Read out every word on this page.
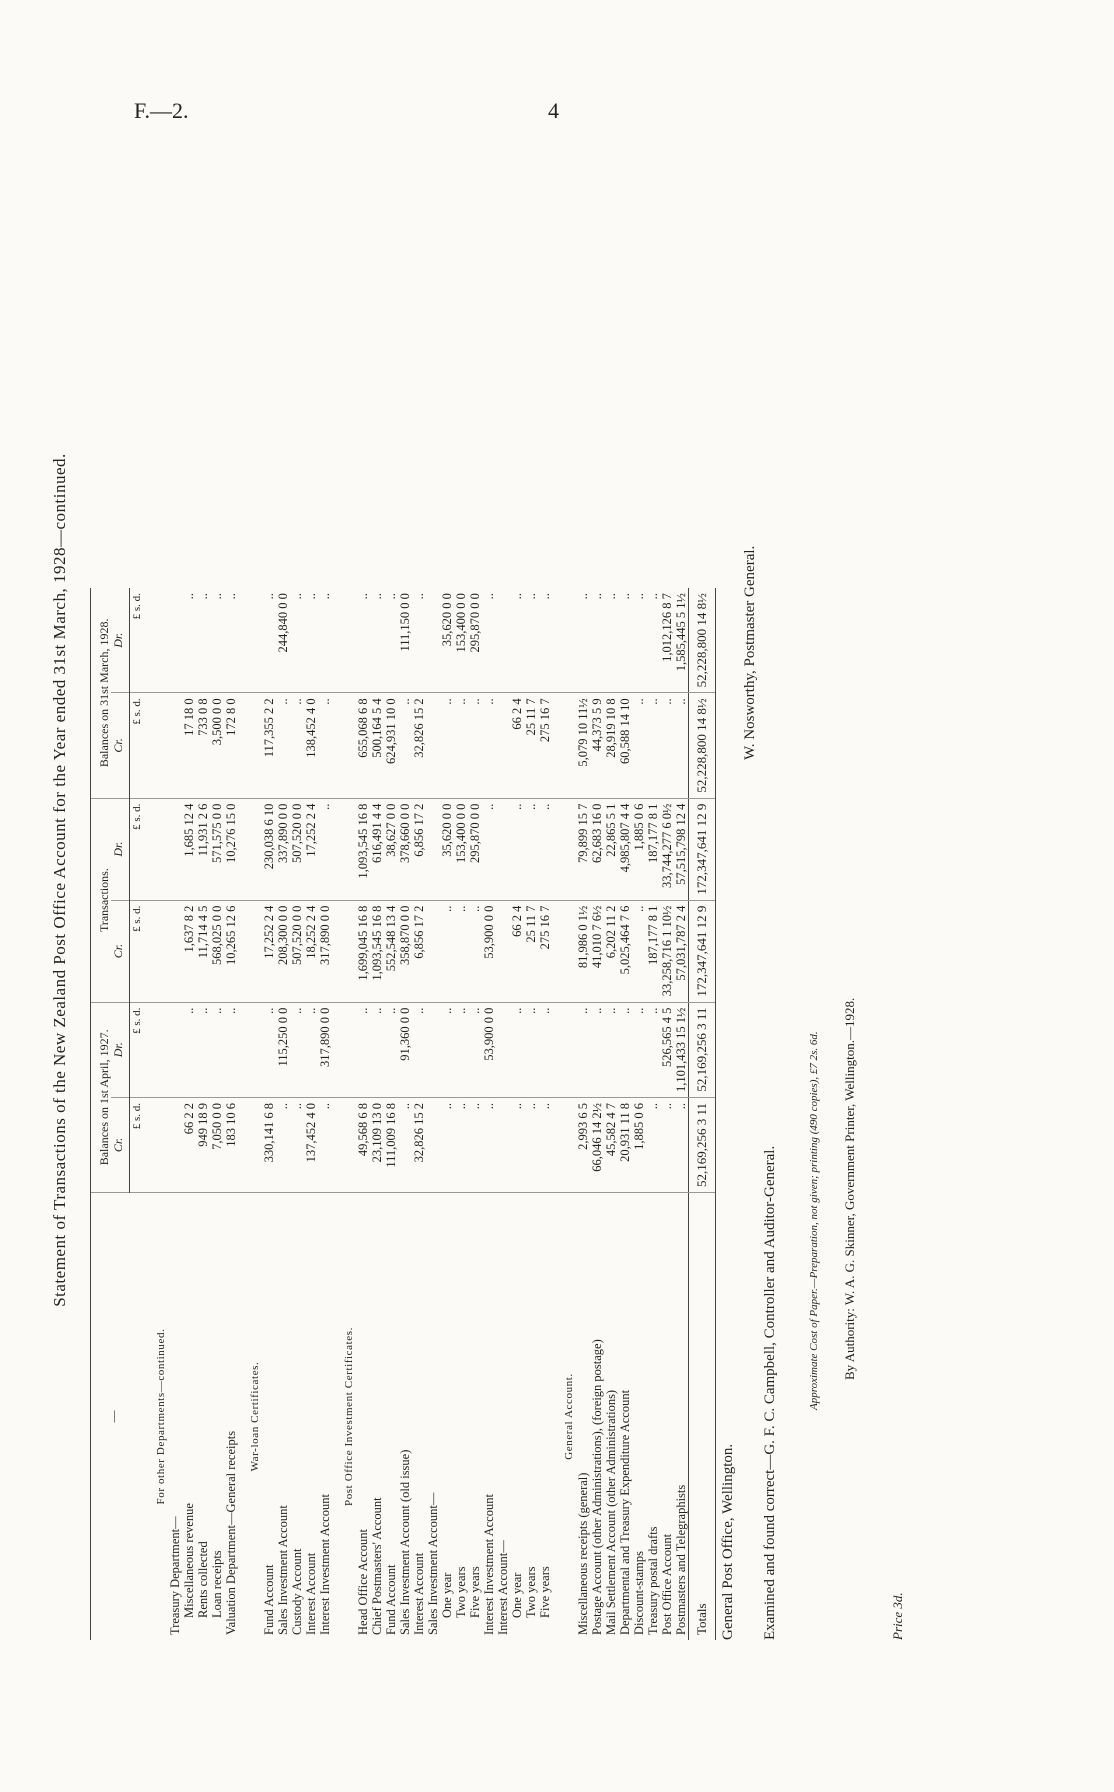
F.—2.	4
Statement of Transactions of the New Zealand Post Office Account for the Year ended 31st March, 1928—continued.
—	Balances on 1st April, 1927.		Transactions.		Balances on 31st March, 1928.	
	Cr.	Dr.	Cr.	Dr.	Cr.	Dr.
	£ s. d.	£ s. d.	£ s. d.	£ s. d.	£ s. d.	£ s. d.
For other Departments—continued.						
Treasury Department—						
Miscellaneous revenue	66 2 2	..	1,637 8 2	1,685 12 4	17 18 0	..
Rents collected	949 18 9	..	11,714 4 5	11,931 2 6	733 0 8	..
Loan receipts	7,050 0 0	..	568,025 0 0	571,575 0 0	3,500 0 0	..
Valuation Department—General receipts	183 10 6	..	10,265 12 6	10,276 15 0	172 8 0	..
War-loan Certificates.						
Fund Account	330,141 6 8	..	17,252 2 4	230,038 6 10	117,355 2 2	..
Sales Investment Account	..	115,250 0 0	208,300 0 0	337,890 0 0	..	244,840 0 0
Custody Account	..	..	507,520 0 0	507,520 0 0	..	..
Interest Account	137,452 4 0	..	18,252 2 4	17,252 2 4	138,452 4 0	..
Interest Investment Account	..	317,890 0 0	317,890 0 0	..	..	..
Post Office Investment Certificates.						
Head Office Account	49,568 6 8	..	1,699,045 16 8	1,093,545 16 8	655,068 6 8	..
Chief Postmasters' Account	23,109 13 0	..	1,093,545 16 8	616,491 4 4	500,164 5 4	..
Fund Account	111,009 16 8	..	552,548 13 4	38,627 0 0	624,931 10 0	..
Sales Investment Account (old issue)	..	91,360 0 0	358,870 0 0	378,660 0 0	..	111,150 0 0
Interest Account	32,826 15 2	..	6,856 17 2	6,856 17 2	32,826 15 2	..
Sales Investment Account—						
One year	..	..	..	35,620 0 0	..	35,620 0 0
Two years	..	..	..	153,400 0 0	..	153,400 0 0
Five years	..	..	..	295,870 0 0	..	295,870 0 0
Interest Investment Account	..	53,900 0 0	53,900 0 0	..	..	..
Interest Account—						
One year	..	..	66 2 4	..	66 2 4	..
Two years	..	..	25 11 7	..	25 11 7	..
Five years	..	..	275 16 7	..	275 16 7	..
General Account.						
Miscellaneous receipts (general)	2,993 6 5	..	81,986 0 1½	79,899 15 7	5,079 10 11½	..
Postage Account (other Administrations), (foreign postage)	66,046 14 2½	..	41,010 7 6½	62,683 16 0	44,373 5 9	..
Mail Settlement Account (other Administrations)	45,582 4 7	..	6,202 11 2	22,865 5 1	28,919 10 8	..
Departmental and Treasury Expenditure Account	20,931 11 8	..	5,025,464 7 6	4,985,807 4 4	60,588 14 10	..
Discount-stamps	1,885 0 6	..	..	1,885 0 6	..	..
Treasury postal drafts	..	..	187,177 8 1	187,177 8 1	..	..
Post Office Account	..	526,565 4 5	33,258,716 1 10½	33,744,277 6 0½	..	1,012,126 8 7
Postmasters and Telegraphists	..	1,101,433 15 1½	57,031,787 2 4	57,515,798 12 4	..	1,585,445 5 1½
Totals	52,169,256 3 11	52,169,256 3 11	172,347,641 12 9	172,347,641 12 9	52,228,800 14 8½	52,228,800 14 8½
General Post Office, Wellington. Examined and found correct—G. F. C. Campbell, Controller and Auditor-General.
W. Nosworthy, Postmaster General.
Approximate Cost of Paper.—Preparation, not given; printing (490 copies), £7 2s. 6d. By Authority: W. A. G. Skinner, Government Printer, Wellington.—1928.
Price 3d.
